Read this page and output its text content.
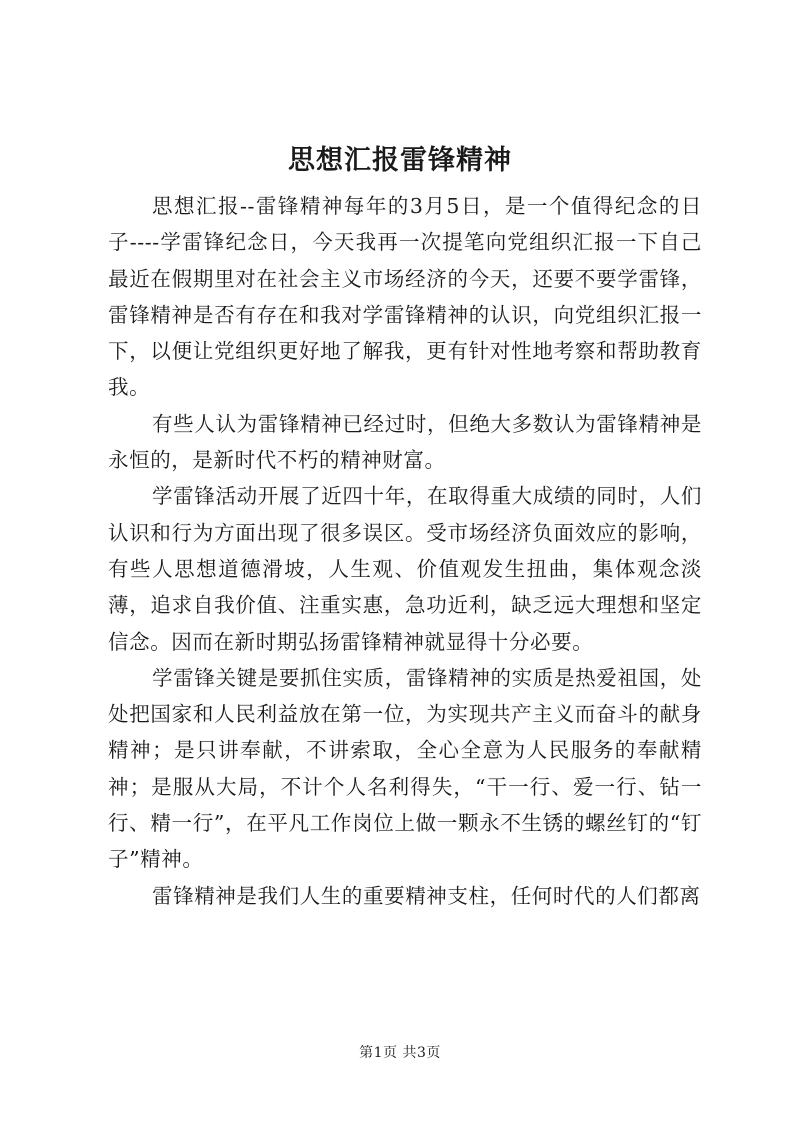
思想汇报雷锋精神

思想汇报--雷锋精神每年的3月5日，是一个值得纪念的日子----学雷锋纪念日，今天我再一次提笔向党组织汇报一下自己最近在假期里对在社会主义市场经济的今天，还要不要学雷锋，雷锋精神是否有存在和我对学雷锋精神的认识，向党组织汇报一下，以便让党组织更好地了解我，更有针对性地考察和帮助教育我。

有些人认为雷锋精神已经过时，但绝大多数认为雷锋精神是永恒的，是新时代不朽的精神财富。

学雷锋活动开展了近四十年，在取得重大成绩的同时，人们认识和行为方面出现了很多误区。受市场经济负面效应的影响，有些人思想道德滑坡，人生观、价值观发生扭曲，集体观念淡薄，追求自我价值、注重实惠，急功近利，缺乏远大理想和坚定信念。因而在新时期弘扬雷锋精神就显得十分必要。

学雷锋关键是要抓住实质，雷锋精神的实质是热爱祖国，处处把国家和人民利益放在第一位，为实现共产主义而奋斗的献身精神；是只讲奉献，不讲索取，全心全意为人民服务的奉献精神；是服从大局，不计个人名利得失，“干一行、爱一行、钻一行、精一行”，在平凡工作岗位上做一颗永不生锈的螺丝钉的“钉子”精神。

雷锋精神是我们人生的重要精神支柱，任何时代的人们都离

第1页 共3页
